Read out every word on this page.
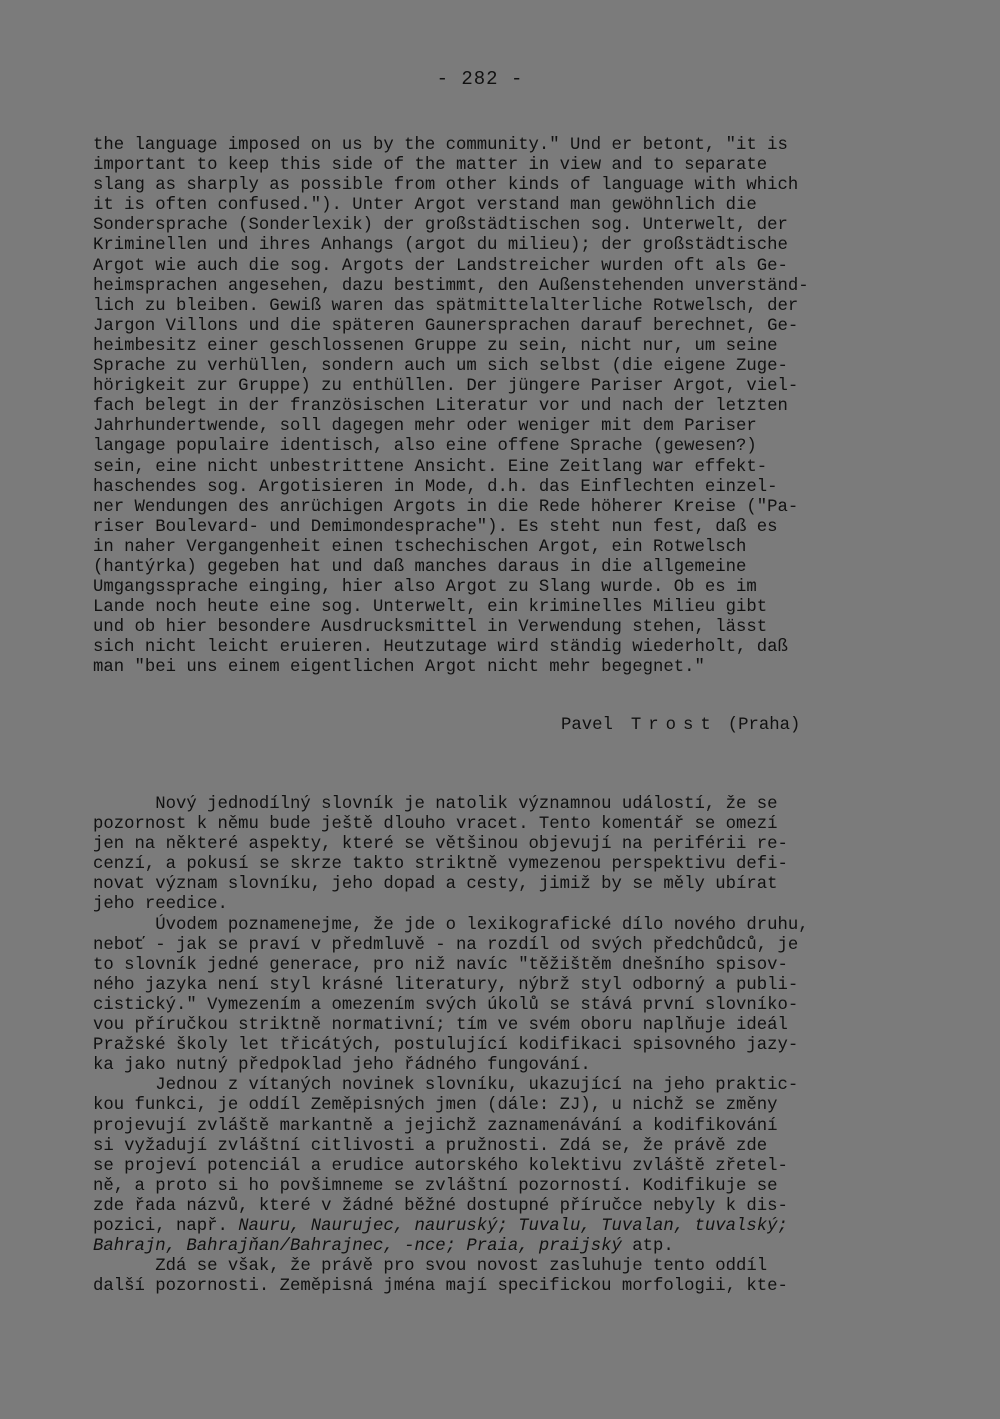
- 282 -
the language imposed on us by the community." Und er betont, "it is
important to keep this side of the matter in view and to separate
slang as sharply as possible from other kinds of language with which
it is often confused."). Unter Argot verstand man gewöhnlich die
Sondersprache (Sonderlexik) der großstädtischen sog. Unterwelt, der
Kriminellen und ihres Anhangs (argot du milieu); der großstädtische
Argot wie auch die sog. Argots der Landstreicher wurden oft als Ge-
heimsprachen angesehen, dazu bestimmt, den Außenstehenden unverständ-
lich zu bleiben. Gewiß waren das spätmittelalterliche Rotwelsch, der
Jargon Villons und die späteren Gaunersprachen darauf berechnet, Ge-
heimbesitz einer geschlossenen Gruppe zu sein, nicht nur, um seine
Sprache zu verhüllen, sondern auch um sich selbst (die eigene Zuge-
hörigkeit zur Gruppe) zu enthüllen. Der jüngere Pariser Argot, viel-
fach belegt in der französischen Literatur vor und nach der letzten
Jahrhundertwende, soll dagegen mehr oder weniger mit dem Pariser
langage populaire identisch, also eine offene Sprache (gewesen?)
sein, eine nicht unbestrittene Ansicht. Eine Zeitlang war effekt-
haschendes sog. Argotisieren in Mode, d.h. das Einflechten einzel-
ner Wendungen des anrüchigen Argots in die Rede höherer Kreise ("Pa-
riser Boulevard- und Demimondesprache"). Es steht nun fest, daß es
in naher Vergangenheit einen tschechischen Argot, ein Rotwelsch
(hantýrka) gegeben hat und daß manches daraus in die allgemeine
Umgangssprache einging, hier also Argot zu Slang wurde. Ob es im
Lande noch heute eine sog. Unterwelt, ein kriminelles Milieu gibt
und ob hier besondere Ausdrucksmittel in Verwendung stehen, lässt
sich nicht leicht eruieren. Heutzutage wird ständig wiederholt, daß
man "bei uns einem eigentlichen Argot nicht mehr begegnet."
Pavel Trost (Praha)
Nový jednodílný slovník je natolik významnou událostí, že se
pozornost k němu bude ještě dlouho vracet. Tento komentář se omezí
jen na některé aspekty, které se většinou objevují na periférii re-
cenzí, a pokusí se skrze takto striktně vymezenou perspektivu defi-
novat význam slovníku, jeho dopad a cesty, jimiž by se měly ubírat
jeho reedice.
Úvodem poznamenejme, že jde o lexikografické dílo nového druhu,
neboť - jak se praví v předmluvě - na rozdíl od svých předchůdců, je
to slovník jedné generace, pro niž navíc "těžištěm dnešního spisov-
ného jazyka není styl krásné literatury, nýbrž styl odborný a publi-
cistický." Vymezením a omezením svých úkolů se stává první slovníko-
vou příručkou striktně normativní; tím ve svém oboru naplňuje ideál
Pražské školy let třicátých, postulující kodifikaci spisovného jazy-
ka jako nutný předpoklad jeho řádného fungování.
Jednou z vítaných novinek slovníku, ukazující na jeho praktic-
kou funkci, je oddíl Zeměpisných jmen (dále: ZJ), u nichž se změny
projevují zvláště markantně a jejichž zaznamenávání a kodifikování
si vyžadují zvláštní citlivosti a pružnosti. Zdá se, že právě zde
se projeví potenciál a erudice autorského kolektivu zvláště zřetel-
ně, a proto si ho povšimneme se zvláštní pozorností. Kodifikuje se
zde řada názvů, které v žádné běžné dostupné příručce nebyly k dis-
pozici, např. Nauru, Naurujec, nauruský; Tuvalu, Tuvalan, tuvalský;
Bahrajn, Bahrajňan/Bahrajnec, -nce; Praia, praijský atp.
Zdá se však, že právě pro svou novost zasluhuje tento oddíl
další pozornosti. Zeměpisná jména mají specifickou morfologii, kte-
